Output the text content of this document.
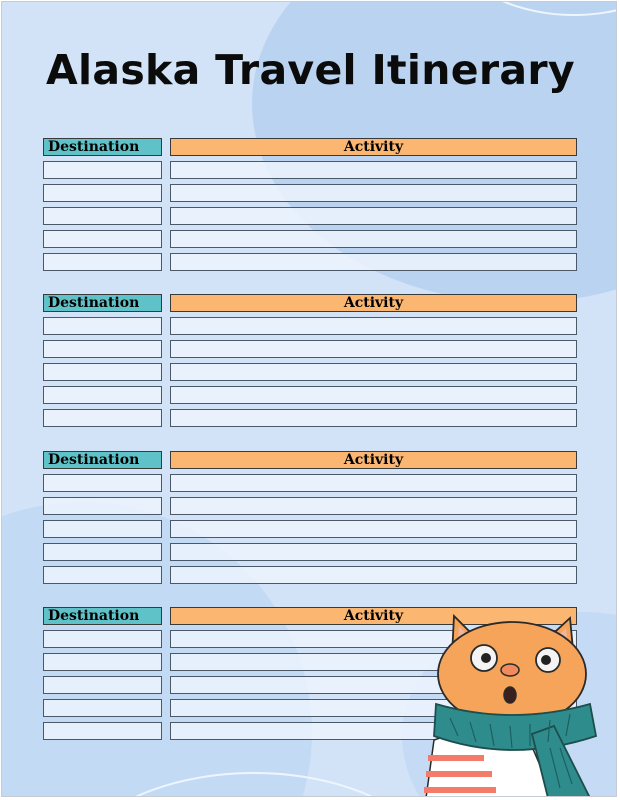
Alaska Travel Itinerary
Destination	Activity
Destination	Activity
Destination	Activity
Destination	Activity
